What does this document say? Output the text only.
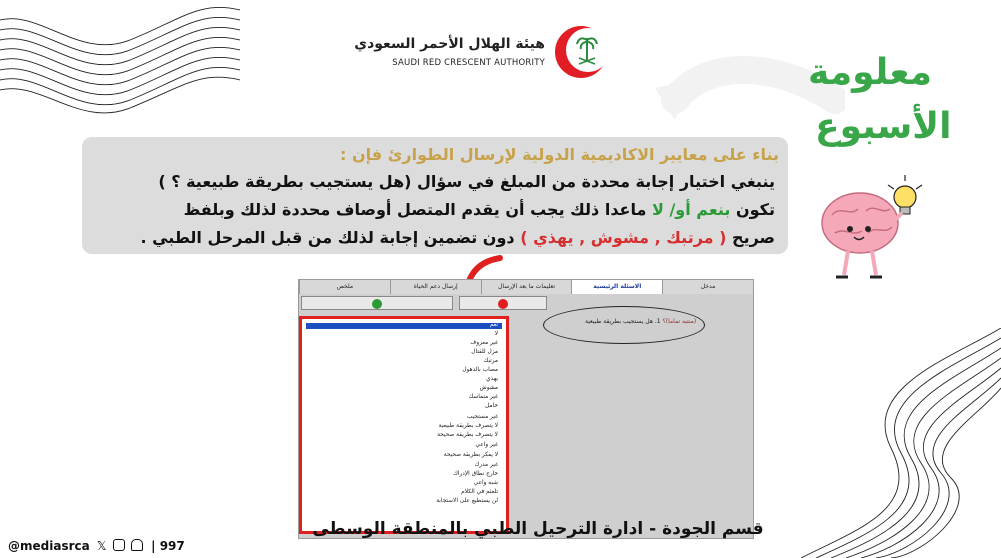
هيئة الهلال الأحمر السعودي
SAUDI RED CRESCENT AUTHORITY	معلومة
الأسبوع
بناء على معايير الاكاديمية الدولية لإرسال الطوارئ فإن :
ينبغي اختيار إجابة محددة من المبلغ في سؤال (هل يستجيب بطريقة طبيعية ؟ )
تكون بنعم أو/ لا ماعدا ذلك يجب أن يقدم المتصل أوصاف محددة لذلك وبلفظ
صريح ( مرتبك , مشوش , يهذي ) دون تضمين إجابة لذلك من قبل المرحل الطبي .
مدخل
الاسئلة الرئيسية
تعليمات ما بعد الإرسال
إرسال دعم الحياة
ملخص
نعم
لا
غير معروف
مزل للقتال
مرتبك
مصاب بالذهول
يهذي
مشوش
غير متماسك
خامل
غير مستجيب
لا يتصرف بطريقة طبيعية
لا يتصرف بطريقة صحيحة
غير واعي
لا يفكر بطريقة صحيحة
غير مدرك
خارج نطاق الإدراك
شبه واعي
تلعثم في الكلام
لن يستطيع على الاستجابة
(منتبه تماما)؟ 1. هل يستجيب بطريقة طبيعية
قسم الجودة - ادارة الترحيل الطبي بالمنطقة الوسطى
@mediasrca 𝕏	| 997
